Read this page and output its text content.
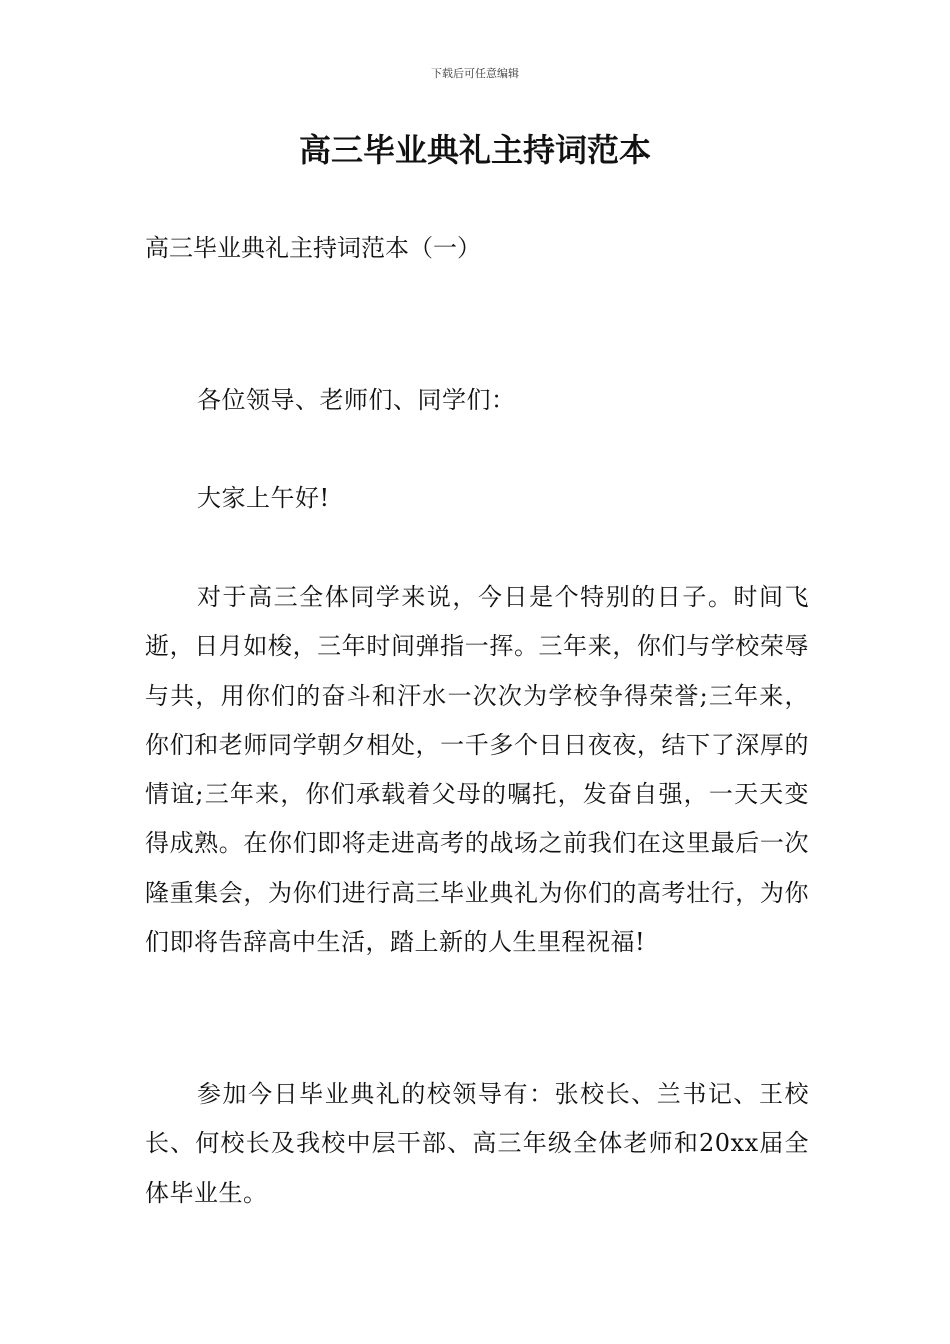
下载后可任意编辑
高三毕业典礼主持词范本

高三毕业典礼主持词范本（一）

各位领导、老师们、同学们：

大家上午好!

对于高三全体同学来说，今日是个特别的日子。时间飞逝，日月如梭，三年时间弹指一挥。三年来，你们与学校荣辱与共，用你们的奋斗和汗水一次次为学校争得荣誉;三年来，你们和老师同学朝夕相处，一千多个日日夜夜，结下了深厚的情谊;三年来，你们承载着父母的嘱托，发奋自强，一天天变得成熟。在你们即将走进高考的战场之前我们在这里最后一次隆重集会，为你们进行高三毕业典礼为你们的高考壮行，为你们即将告辞高中生活，踏上新的人生里程祝福!

参加今日毕业典礼的校领导有：张校长、兰书记、王校长、何校长及我校中层干部、高三年级全体老师和20xx届全体毕业生。
